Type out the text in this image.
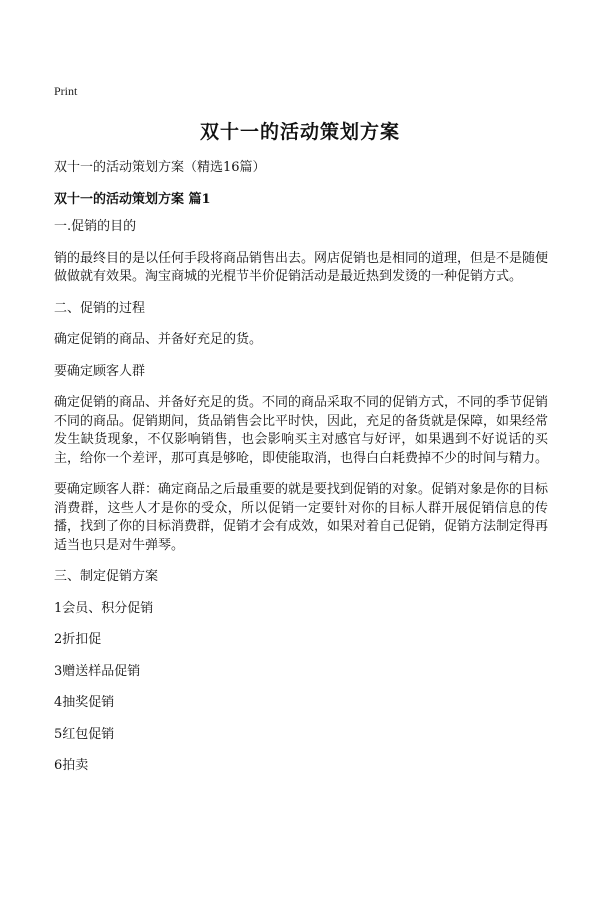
Print
双十一的活动策划方案
双十一的活动策划方案（精选16篇）
双十一的活动策划方案 篇1

一.促销的目的

销的最终目的是以任何手段将商品销售出去。网店促销也是相同的道理，但是不是随便做做就有效果。淘宝商城的光棍节半价促销活动是最近热到发烫的一种促销方式。

二、促销的过程

确定促销的商品、并备好充足的货。

要确定顾客人群

确定促销的商品、并备好充足的货。不同的商品采取不同的促销方式，不同的季节促销不同的商品。促销期间，货品销售会比平时快，因此，充足的备货就是保障，如果经常发生缺货现象，不仅影响销售，也会影响买主对感官与好评，如果遇到不好说话的买主，给你一个差评，那可真是够呛，即使能取消，也得白白耗费掉不少的时间与精力。

要确定顾客人群：确定商品之后最重要的就是要找到促销的对象。促销对象是你的目标消费群，这些人才是你的受众，所以促销一定要针对你的目标人群开展促销信息的传播，找到了你的目标消费群，促销才会有成效，如果对着自己促销，促销方法制定得再适当也只是对牛弹琴。

三、制定促销方案

1会员、积分促销

2折扣促

3赠送样品促销

4抽奖促销

5红包促销

6拍卖
